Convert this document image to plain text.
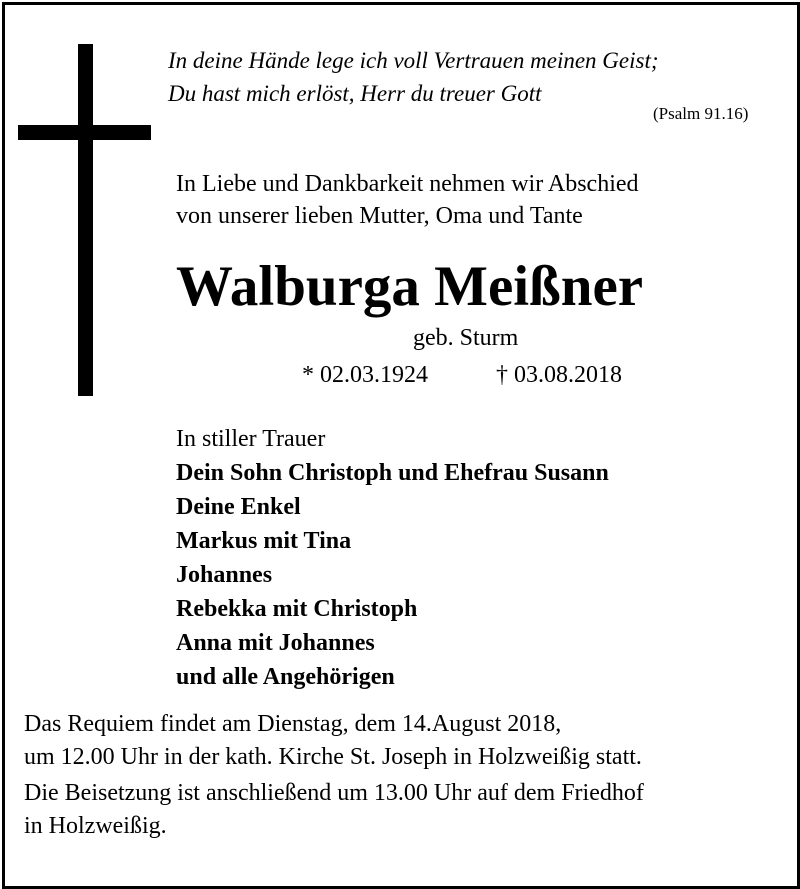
In deine Hände lege ich voll Vertrauen meinen Geist;
Du hast mich erlöst, Herr du treuer Gott
(Psalm 91.16)
In Liebe und Dankbarkeit nehmen wir Abschied
von unserer lieben Mutter, Oma und Tante
Walburga Meißner
geb. Sturm
* 02.03.1924	† 03.08.2018
In stiller Trauer
Dein Sohn Christoph und Ehefrau Susann
Deine Enkel
Markus mit Tina
Johannes
Rebekka mit Christoph
Anna mit Johannes
und alle Angehörigen
Das Requiem findet am Dienstag, dem 14.August 2018,
um 12.00 Uhr in der kath. Kirche St. Joseph in Holzweißig statt.
Die Beisetzung ist anschließend um 13.00 Uhr auf dem Friedhof
in Holzweißig.
